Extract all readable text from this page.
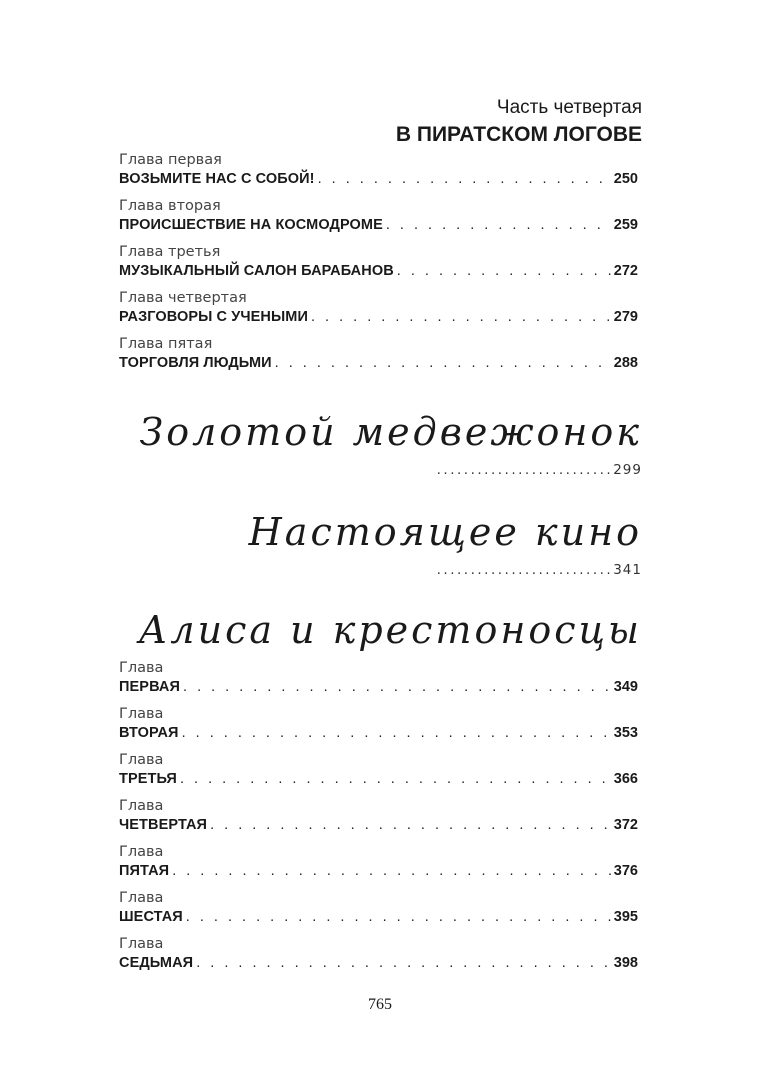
Часть четвертая
В ПИРАТСКОМ ЛОГОВЕ
Глава первая
ВОЗЬМИТЕ НАС С СОБОЙ! . . .	250
Глава вторая
ПРОИСШЕСТВИЕ НА КОСМОДРОМЕ . . .	259
Глава третья
МУЗЫКАЛЬНЫЙ САЛОН БАРАБАНОВ . . .	272
Глава четвертая
РАЗГОВОРЫ С УЧЕНЫМИ . . .	279
Глава пятая
ТОРГОВЛЯ ЛЮДЬМИ . . .	288
Золотой медвежонок
.......................... 299
Настоящее кино
.......................... 341
Алиса и крестоносцы
Глава
ПЕРВАЯ . . .	349
Глава
ВТОРАЯ . . .	353
Глава
ТРЕТЬЯ . . .	366
Глава
ЧЕТВЕРТАЯ . . .	372
Глава
ПЯТАЯ . . .	376
Глава
ШЕСТАЯ . . .	395
Глава
СЕДЬМАЯ . . .	398
765
